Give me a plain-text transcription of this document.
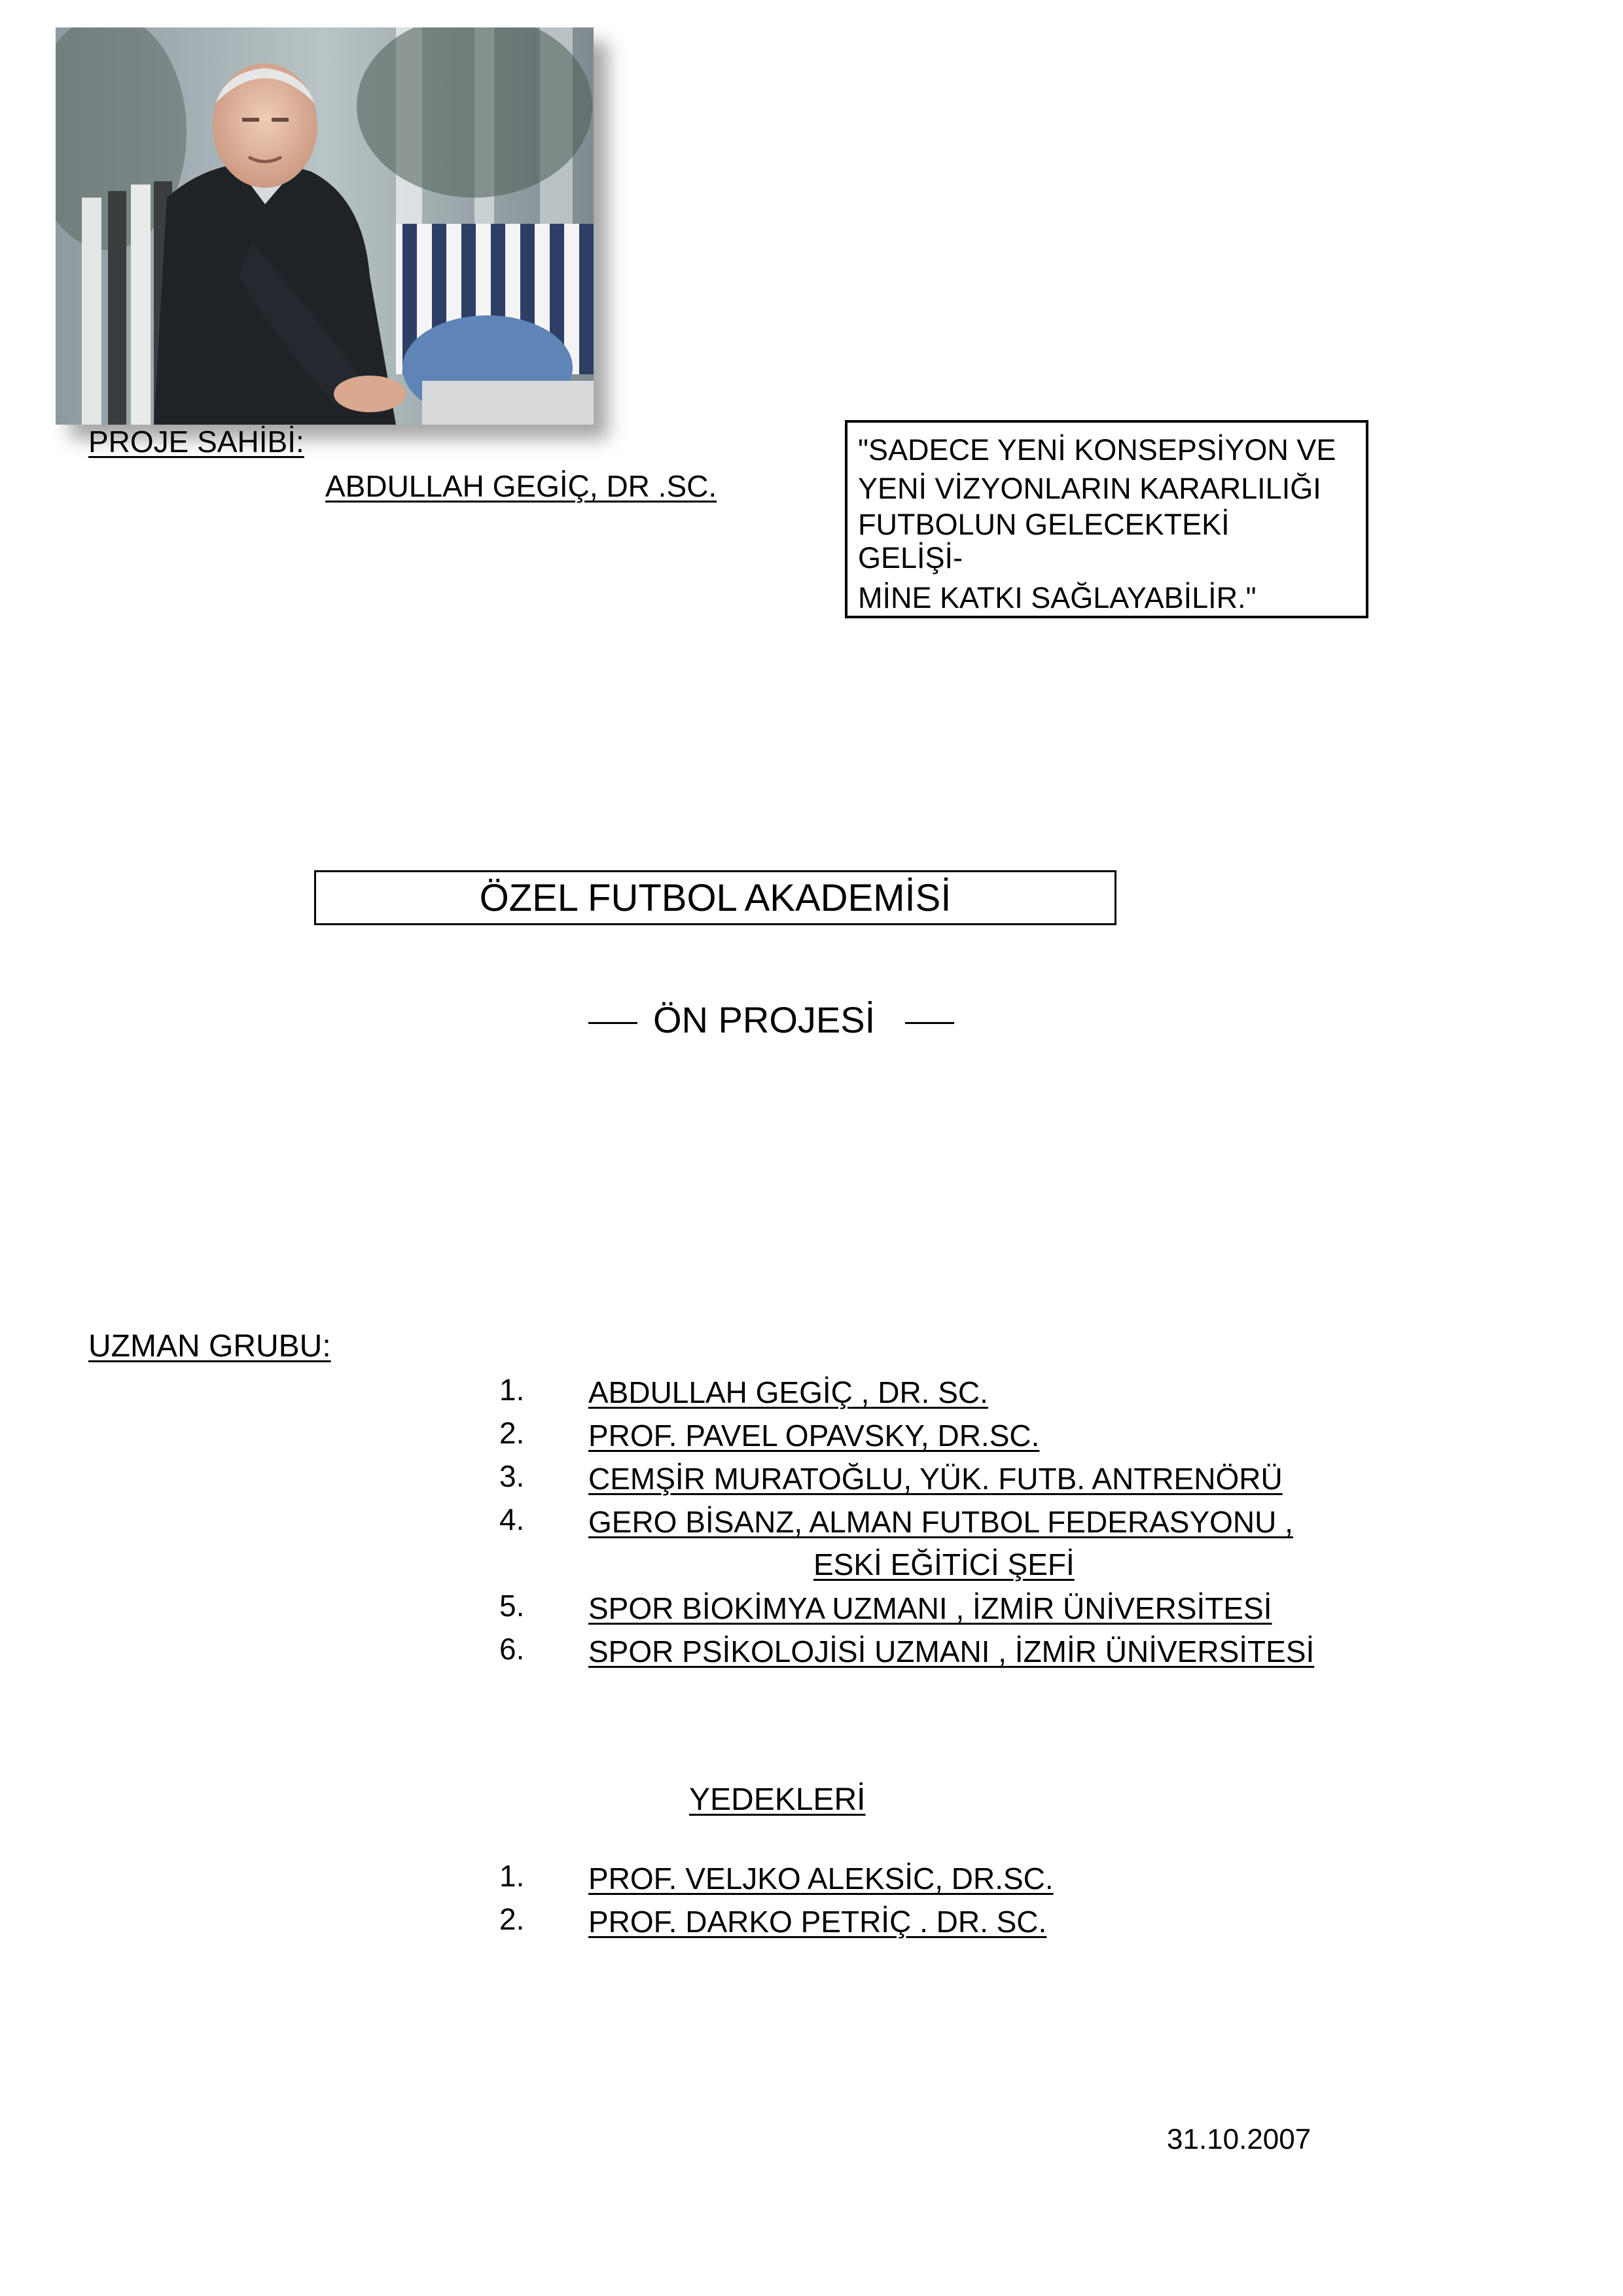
PROJE SAHİBİ:
ABDULLAH GEGİÇ, DR .SC.
"SADECE YENİ KONSEPSİYON VE
YENİ VİZYONLARIN KARARLILIĞI
FUTBOLUN GELECEKTEKİ
GELİŞİ-
MİNE KATKI SAĞLAYABİLİR."
ÖZEL FUTBOL AKADEMİSİ
ÖN PROJESİ
UZMAN GRUBU:
1. ABDULLAH GEGİÇ , DR. SC.
2. PROF. PAVEL OPAVSKY, DR.SC.
3. CEMŞİR MURATOĞLU, YÜK. FUTB. ANTRENÖRÜ
4. GERO BİSANZ, ALMAN FUTBOL FEDERASYONU ,
ESKİ EĞİTİCİ ŞEFİ
5. SPOR BİOKİMYA UZMANI , İZMİR ÜNİVERSİTESİ
6. SPOR PSİKOLOJİSİ UZMANI , İZMİR ÜNİVERSİTESİ
YEDEKLERİ
1. PROF. VELJKO ALEKSİC, DR.SC.
2. PROF. DARKO PETRİÇ . DR. SC.
31.10.2007
